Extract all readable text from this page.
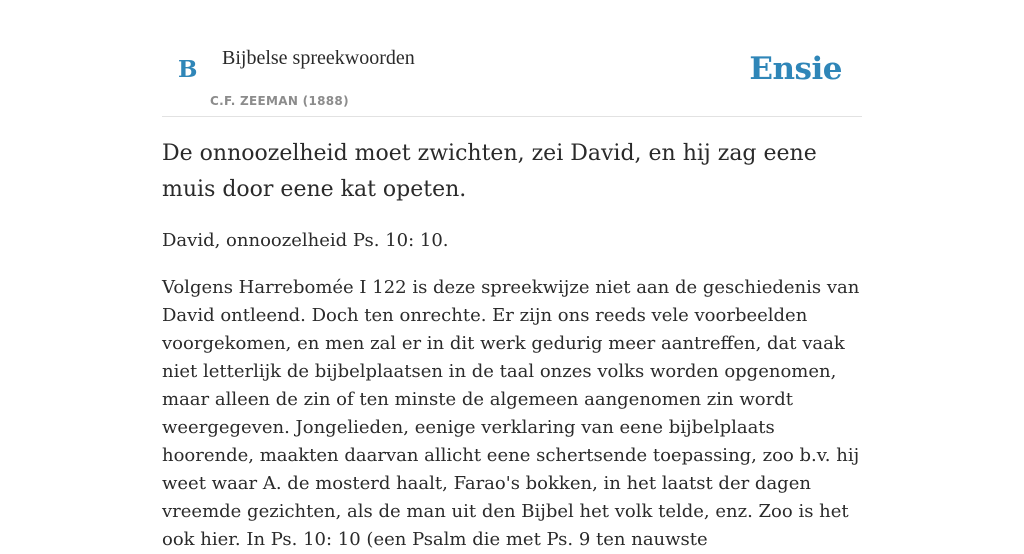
B Bijbelse spreekwoorden
C.F. ZEEMAN (1888)
Ensie
De onnoozelheid moet zwichten, zei David, en hij zag eene muis door eene kat opeten.

David, onnoozelheid Ps. 10: 10.

Volgens Harrebomée I 122 is deze spreekwijze niet aan de geschiedenis van David ontleend. Doch ten onrechte. Er zijn ons reeds vele voorbeelden voorgekomen, en men zal er in dit werk gedurig meer aantreffen, dat vaak niet letterlijk de bijbelplaatsen in de taal onzes volks worden opgenomen, maar alleen de zin of ten minste de algemeen aangenomen zin wordt weergegeven. Jongelieden, eenige verklaring van eene bijbelplaats hoorende, maakten daarvan allicht eene schertsende toepassing, zoo b.v. hij weet waar A. de mosterd haalt, Farao's bokken, in het laatst der dagen vreemde gezichten, als de man uit den Bijbel het volk telde, enz. Zoo is het ook hier. In Ps. 10: 10 (een Psalm die met Ps. 9 ten nauwste
